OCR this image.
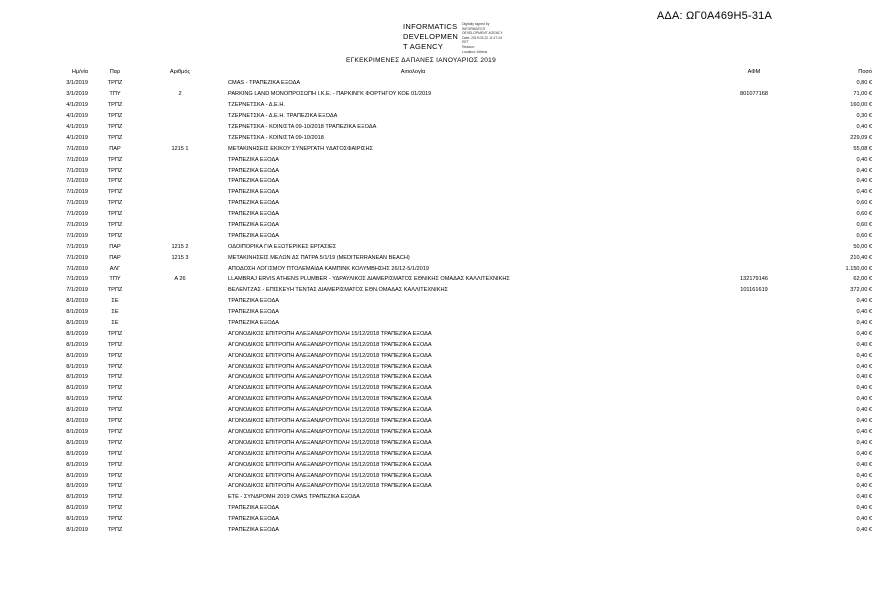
ΑΔΑ: ΩΓ0Α469Η5-31Α
INFORMATICS
DEVELOPMEN
T AGENCY
Digitally signed by
INFORMATICS
DEVELOPMENT AGENCY
Date: 2019.03.22 11:27:24
EET
Reason:
Location: Athens
ΕΓΚΕΚΡΙΜΕΝΕΣ ΔΑΠΑΝΕΣ ΙΑΝΟΥΑΡΙΟΣ 2019
Ημ/νία	Παρ	Αριθμός	Αιτιολογία	ΑΦΜ	Ποσό
3/1/2019	ΤΡΠΖ		CMAS - ΤΡΑΠΕΖΙΚΑ ΕΞΟΔΑ		0,80 €
3/1/2019	ΤΠΥ	2	PARKING LAND ΜΟΝΟΠΡΟΣΩΠΗ Ι.Κ.Ε. - ΠΑΡΚΙΝΓΚ ΦΟΡΤΗΓΟΥ ΚΟΕ 01/2019	801077168	71,00 €
4/1/2019	ΤΡΠΖ		ΤΖΕΡΝΕΤΣΚΑ - Δ.Ε.Η.		160,00 €
4/1/2019	ΤΡΠΖ		ΤΖΕΡΝΕΤΣΚΑ - Δ.Ε.Η. ΤΡΑΠΕΖΙΚΑ ΕΞΟΔΑ		0,30 €
4/1/2019	ΤΡΠΖ		ΤΖΕΡΝΕΤΣΚΑ - ΚΟΙΝ/ΣΤΑ 09-10/2018 ΤΡΑΠΕΖΙΚΑ ΕΞΟΔΑ		0,40 €
4/1/2019	ΤΡΠΖ		ΤΖΕΡΝΕΤΣΚΑ - ΚΟΙΝ/ΣΤΑ 09-10/2018		229,09 €
7/1/2019	ΠΑΡ	1215 1	ΜΕΤΑΚΙΝΗΣΕΙΣ ΕΚΙΚΟΥ ΣΥΝΕΡΓΑΤΗ ΥΔΑΤΟΣΦΑΙΡΙΣΗΣ		55,08 €
7/1/2019	ΤΡΠΖ		ΤΡΑΠΕΖΙΚΑ ΕΞΟΔΑ		0,40 €
7/1/2019	ΤΡΠΖ		ΤΡΑΠΕΖΙΚΑ ΕΞΟΔΑ		0,40 €
7/1/2019	ΤΡΠΖ		ΤΡΑΠΕΖΙΚΑ ΕΞΟΔΑ		0,40 €
7/1/2019	ΤΡΠΖ		ΤΡΑΠΕΖΙΚΑ ΕΞΟΔΑ		0,40 €
7/1/2019	ΤΡΠΖ		ΤΡΑΠΕΖΙΚΑ ΕΞΟΔΑ		0,60 €
7/1/2019	ΤΡΠΖ		ΤΡΑΠΕΖΙΚΑ ΕΞΟΔΑ		0,60 €
7/1/2019	ΤΡΠΖ		ΤΡΑΠΕΖΙΚΑ ΕΞΟΔΑ		0,60 €
7/1/2019	ΤΡΠΖ		ΤΡΑΠΕΖΙΚΑ ΕΞΟΔΑ		0,60 €
7/1/2019	ΠΑΡ	1215 2	ΟΔΟΙΠΟΡΙΚΑ ΓΙΑ ΕΞΩΤΕΡΙΚΕΣ ΕΡΓΑΣΙΕΣ		50,00 €
7/1/2019	ΠΑΡ	1215 3	ΜΕΤΑΚΙΝΗΣΕΙΣ ΜΕΛΩΝ ΔΣ ΠΑΤΡΑ 5/1/19 (MEDITERRANEAN BEACH)		210,40 €
7/1/2019	ΑΛΓ		ΑΠΟΔΟΣΗ ΛΟΓ/ΣΜΟΥ ΠΤΟΛΕΜΑΙΔΑ ΚΑΜΠΙΝΚ ΚΟΛΥΜΒΗΣΗΣ 26/12-5/1/2019		1.150,00 €
7/1/2019	ΤΠΥ	Α 26	LLAMBRAJ ERVIS ATHENS PLUMBER - ΥΔΡΑΥΛΙΚΟΣ ΔΙΑΜΕΡΙΣΜΑΤΟΣ ΕΘΝΙΚΗΣ ΟΜΑΔΑΣ ΚΑΛΛΙΤΕΧΝΙΚΗΣ	132179146	62,00 €
7/1/2019	ΤΡΠΖ		ΒΕΛΕΝΤΖΑΣ - ΕΠΙΣΚΕΥΗ ΤΕΝΤΑΣ ΔΙΑΜΕΡΙΣΜΑΤΟΣ ΕΘΝ.ΟΜΑΔΑΣ ΚΑΛΛΙΤΕΧΝΙΚΗΣ	101161619	372,00 €
8/1/2019	ΣΕ		ΤΡΑΠΕΖΙΚΑ ΕΞΟΔΑ		0,40 €
8/1/2019	ΣΕ		ΤΡΑΠΕΖΙΚΑ ΕΞΟΔΑ		0,40 €
8/1/2019	ΣΕ		ΤΡΑΠΕΖΙΚΑ ΕΞΟΔΑ		0,40 €
8/1/2019	ΤΡΠΖ		ΑΓΩΝΟΔΙΚΟΣ ΕΠΙΤΡΟΠΗ ΑΛΕΞΑΝΔΡΟΥΠΟΛΗ 15/12/2018 ΤΡΑΠΕΖΙΚΑ ΕΞΟΔΑ		0,40 €
8/1/2019	ΤΡΠΖ		ΑΓΩΝΟΔΙΚΟΣ ΕΠΙΤΡΟΠΗ ΑΛΕΞΑΝΔΡΟΥΠΟΛΗ 15/12/2018 ΤΡΑΠΕΖΙΚΑ ΕΞΟΔΑ		0,40 €
8/1/2019	ΤΡΠΖ		ΑΓΩΝΟΔΙΚΟΣ ΕΠΙΤΡΟΠΗ ΑΛΕΞΑΝΔΡΟΥΠΟΛΗ 15/12/2018 ΤΡΑΠΕΖΙΚΑ ΕΞΟΔΑ		0,40 €
8/1/2019	ΤΡΠΖ		ΑΓΩΝΟΔΙΚΟΣ ΕΠΙΤΡΟΠΗ ΑΛΕΞΑΝΔΡΟΥΠΟΛΗ 15/12/2018 ΤΡΑΠΕΖΙΚΑ ΕΞΟΔΑ		0,40 €
8/1/2019	ΤΡΠΖ		ΑΓΩΝΟΔΙΚΟΣ ΕΠΙΤΡΟΠΗ ΑΛΕΞΑΝΔΡΟΥΠΟΛΗ 15/12/2018 ΤΡΑΠΕΖΙΚΑ ΕΞΟΔΑ		0,40 €
8/1/2019	ΤΡΠΖ		ΑΓΩΝΟΔΙΚΟΣ ΕΠΙΤΡΟΠΗ ΑΛΕΞΑΝΔΡΟΥΠΟΛΗ 15/12/2018 ΤΡΑΠΕΖΙΚΑ ΕΞΟΔΑ		0,40 €
8/1/2019	ΤΡΠΖ		ΑΓΩΝΟΔΙΚΟΣ ΕΠΙΤΡΟΠΗ ΑΛΕΞΑΝΔΡΟΥΠΟΛΗ 15/12/2018 ΤΡΑΠΕΖΙΚΑ ΕΞΟΔΑ		0,40 €
8/1/2019	ΤΡΠΖ		ΑΓΩΝΟΔΙΚΟΣ ΕΠΙΤΡΟΠΗ ΑΛΕΞΑΝΔΡΟΥΠΟΛΗ 15/12/2018 ΤΡΑΠΕΖΙΚΑ ΕΞΟΔΑ		0,40 €
8/1/2019	ΤΡΠΖ		ΑΓΩΝΟΔΙΚΟΣ ΕΠΙΤΡΟΠΗ ΑΛΕΞΑΝΔΡΟΥΠΟΛΗ 15/12/2018 ΤΡΑΠΕΖΙΚΑ ΕΞΟΔΑ		0,40 €
8/1/2019	ΤΡΠΖ		ΑΓΩΝΟΔΙΚΟΣ ΕΠΙΤΡΟΠΗ ΑΛΕΞΑΝΔΡΟΥΠΟΛΗ 15/12/2018 ΤΡΑΠΕΖΙΚΑ ΕΞΟΔΑ		0,40 €
8/1/2019	ΤΡΠΖ		ΑΓΩΝΟΔΙΚΟΣ ΕΠΙΤΡΟΠΗ ΑΛΕΞΑΝΔΡΟΥΠΟΛΗ 15/12/2018 ΤΡΑΠΕΖΙΚΑ ΕΞΟΔΑ		0,40 €
8/1/2019	ΤΡΠΖ		ΑΓΩΝΟΔΙΚΟΣ ΕΠΙΤΡΟΠΗ ΑΛΕΞΑΝΔΡΟΥΠΟΛΗ 15/12/2018 ΤΡΑΠΕΖΙΚΑ ΕΞΟΔΑ		0,40 €
8/1/2019	ΤΡΠΖ		ΑΓΩΝΟΔΙΚΟΣ ΕΠΙΤΡΟΠΗ ΑΛΕΞΑΝΔΡΟΥΠΟΛΗ 15/12/2018 ΤΡΑΠΕΖΙΚΑ ΕΞΟΔΑ		0,40 €
8/1/2019	ΤΡΠΖ		ΑΓΩΝΟΔΙΚΟΣ ΕΠΙΤΡΟΠΗ ΑΛΕΞΑΝΔΡΟΥΠΟΛΗ 15/12/2018 ΤΡΑΠΕΖΙΚΑ ΕΞΟΔΑ		0,40 €
8/1/2019	ΤΡΠΖ		ΑΓΩΝΟΔΙΚΟΣ ΕΠΙΤΡΟΠΗ ΑΛΕΞΑΝΔΡΟΥΠΟΛΗ 15/12/2018 ΤΡΑΠΕΖΙΚΑ ΕΞΟΔΑ		0,40 €
8/1/2019	ΤΡΠΖ		ΕΤΕ - ΣΥΝΔΡΟΜΗ 2019 CMAS ΤΡΑΠΕΖΙΚΑ ΕΞΟΔΑ		0,40 €
8/1/2019	ΤΡΠΖ		ΤΡΑΠΕΖΙΚΑ ΕΞΟΔΑ		0,40 €
8/1/2019	ΤΡΠΖ		ΤΡΑΠΕΖΙΚΑ ΕΞΟΔΑ		0,40 €
8/1/2019	ΤΡΠΖ		ΤΡΑΠΕΖΙΚΑ ΕΞΟΔΑ		0,40 €
